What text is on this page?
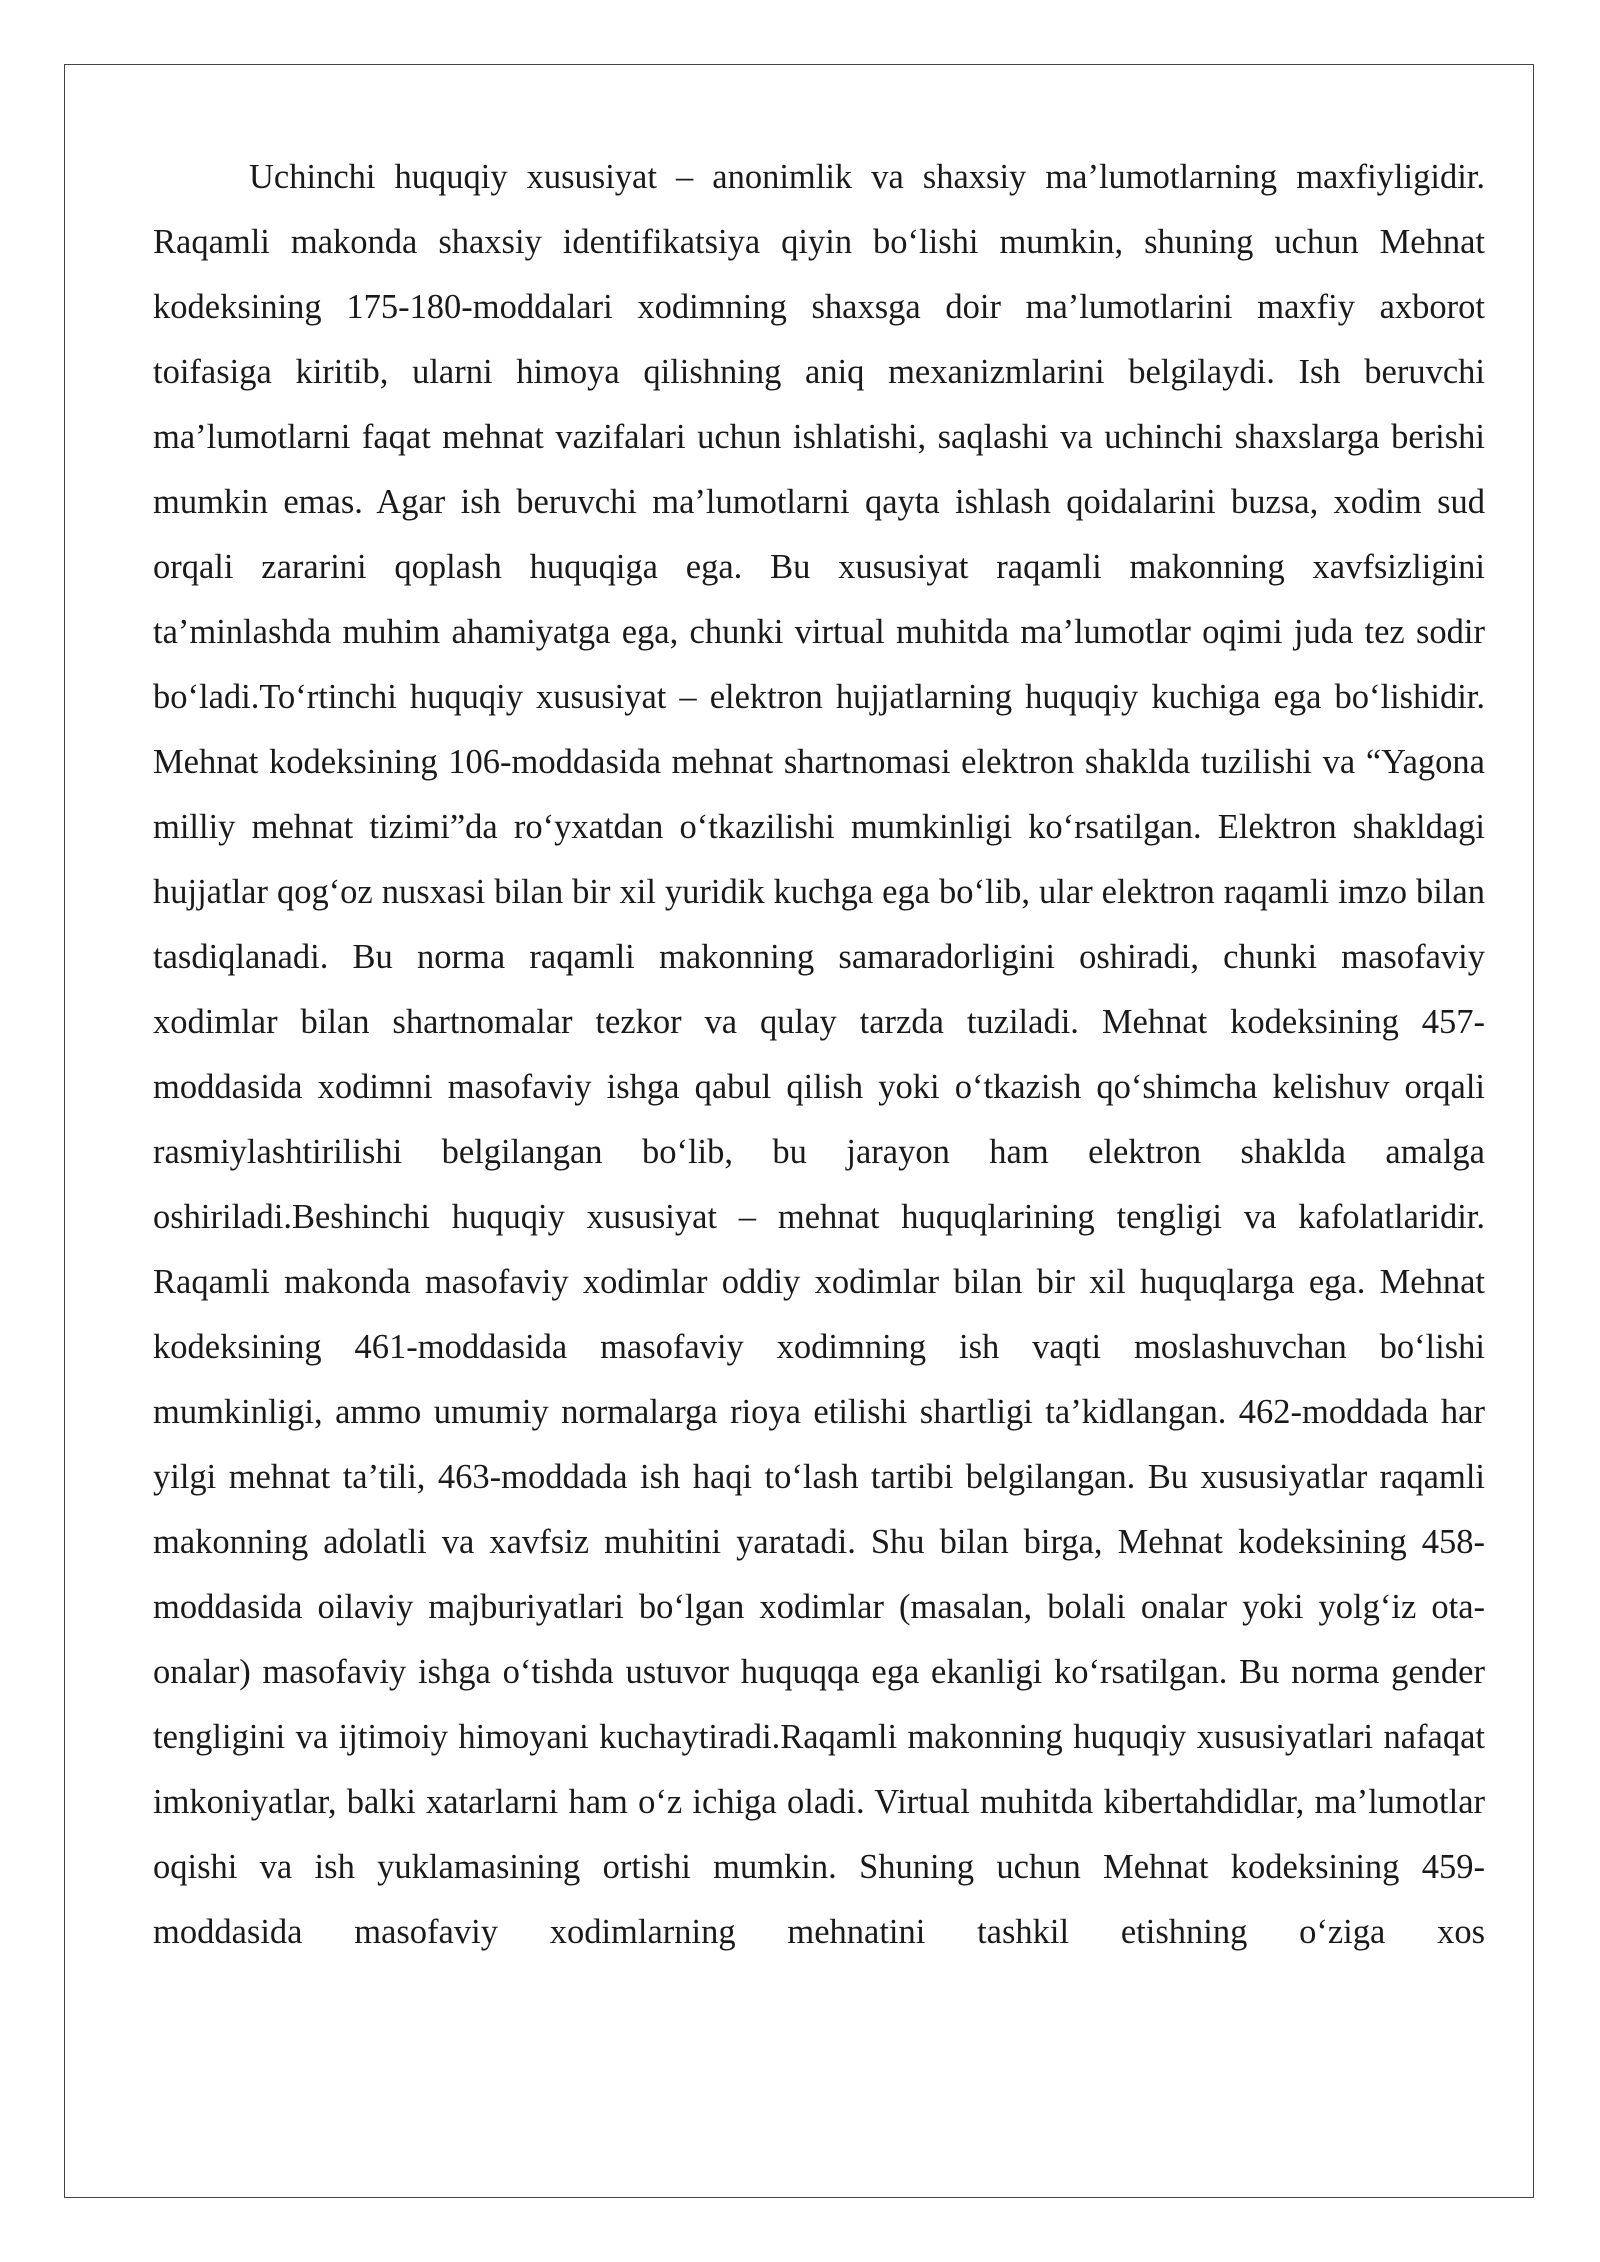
Uchinchi huquqiy xususiyat – anonimlik va shaxsiy ma’lumotlarning maxfiyligidir. Raqamli makonda shaxsiy identifikatsiya qiyin bo‘lishi mumkin, shuning uchun Mehnat kodeksining 175-180-moddalari xodimning shaxsga doir ma’lumotlarini maxfiy axborot toifasiga kiritib, ularni himoya qilishning aniq mexanizmlarini belgilaydi. Ish beruvchi ma’lumotlarni faqat mehnat vazifalari uchun ishlatishi, saqlashi va uchinchi shaxslarga berishi mumkin emas. Agar ish beruvchi ma’lumotlarni qayta ishlash qoidalarini buzsa, xodim sud orqali zararini qoplash huquqiga ega. Bu xususiyat raqamli makonning xavfsizligini ta’minlashda muhim ahamiyatga ega, chunki virtual muhitda ma’lumotlar oqimi juda tez sodir bo‘ladi.To‘rtinchi huquqiy xususiyat – elektron hujjatlarning huquqiy kuchiga ega bo‘lishidir. Mehnat kodeksining 106-moddasida mehnat shartnomasi elektron shaklda tuzilishi va “Yagona milliy mehnat tizimi”da ro‘yxatdan o‘tkazilishi mumkinligi ko‘rsatilgan. Elektron shakldagi hujjatlar qog‘oz nusxasi bilan bir xil yuridik kuchga ega bo‘lib, ular elektron raqamli imzo bilan tasdiqlanadi. Bu norma raqamli makonning samaradorligini oshiradi, chunki masofaviy xodimlar bilan shartnomalar tezkor va qulay tarzda tuziladi. Mehnat kodeksining 457-moddasida xodimni masofaviy ishga qabul qilish yoki o‘tkazish qo‘shimcha kelishuv orqali rasmiylashtirilishi belgilangan bo‘lib, bu jarayon ham elektron shaklda amalga oshiriladi.Beshinchi huquqiy xususiyat – mehnat huquqlarining tengligi va kafolatlaridir. Raqamli makonda masofaviy xodimlar oddiy xodimlar bilan bir xil huquqlarga ega. Mehnat kodeksining 461-moddasida masofaviy xodimning ish vaqti moslashuvchan bo‘lishi mumkinligi, ammo umumiy normalarga rioya etilishi shartligi ta’kidlangan. 462-moddada har yilgi mehnat ta’tili, 463-moddada ish haqi to‘lash tartibi belgilangan. Bu xususiyatlar raqamli makonning adolatli va xavfsiz muhitini yaratadi. Shu bilan birga, Mehnat kodeksining 458-moddasida oilaviy majburiyatlari bo‘lgan xodimlar (masalan, bolali onalar yoki yolg‘iz ota-onalar) masofaviy ishga o‘tishda ustuvor huquqqa ega ekanligi ko‘rsatilgan. Bu norma gender tengligini va ijtimoiy himoyani kuchaytiradi.Raqamli makonning huquqiy xususiyatlari nafaqat imkoniyatlar, balki xatarlarni ham o‘z ichiga oladi. Virtual muhitda kibertahdidlar, ma’lumotlar oqishi va ish yuklamasining ortishi mumkin. Shuning uchun Mehnat kodeksining 459-moddasida masofaviy xodimlarning mehnatini tashkil etishning o‘ziga xos
